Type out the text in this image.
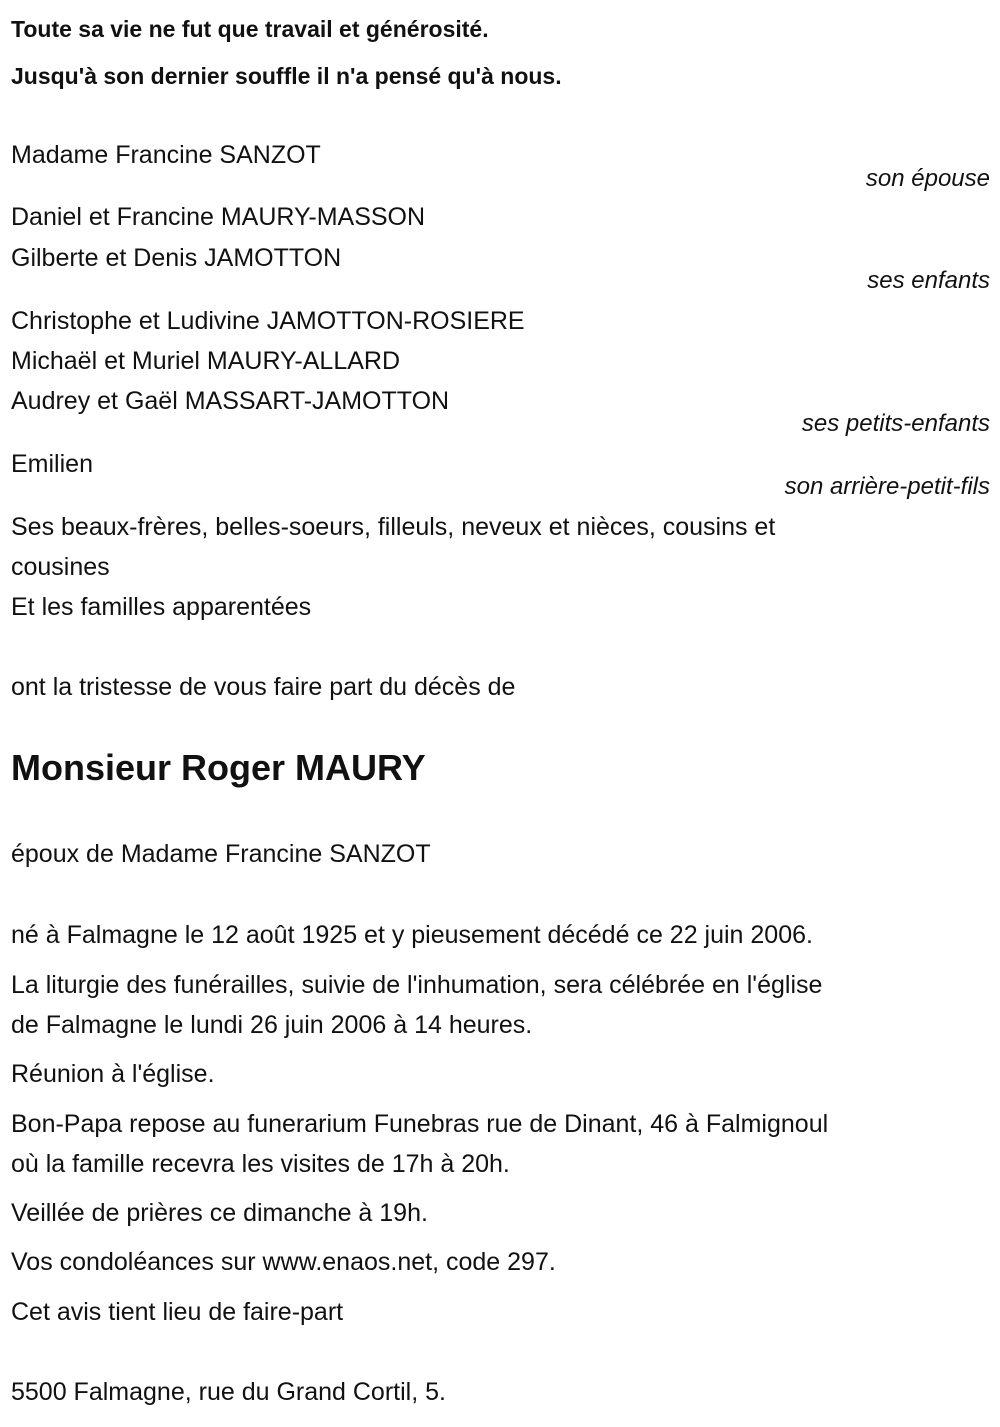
Toute sa vie ne fut que travail et générosité.
Jusqu'à son dernier souffle il n'a pensé qu'à nous.
Madame Francine SANZOT
son épouse
Daniel et Francine MAURY-MASSON
Gilberte et Denis JAMOTTON
ses enfants
Christophe et Ludivine JAMOTTON-ROSIERE
Michaël et Muriel MAURY-ALLARD
Audrey et Gaël MASSART-JAMOTTON
ses petits-enfants
Emilien
son arrière-petit-fils
Ses beaux-frères, belles-soeurs, filleuls, neveux et nièces, cousins et
cousines
Et les familles apparentées
ont la tristesse de vous faire part du décès de
Monsieur Roger MAURY
époux de Madame Francine SANZOT
né à Falmagne le 12 août 1925 et y pieusement décédé ce 22 juin 2006.
La liturgie des funérailles, suivie de l'inhumation, sera célébrée en l'église
de Falmagne le lundi 26 juin 2006 à 14 heures.
Réunion à l'église.
Bon-Papa repose au funerarium Funebras rue de Dinant, 46 à Falmignoul
où la famille recevra les visites de 17h à 20h.
Veillée de prières ce dimanche à 19h.
Vos condoléances sur www.enaos.net, code 297.
Cet avis tient lieu de faire-part
5500 Falmagne, rue du Grand Cortil, 5.
